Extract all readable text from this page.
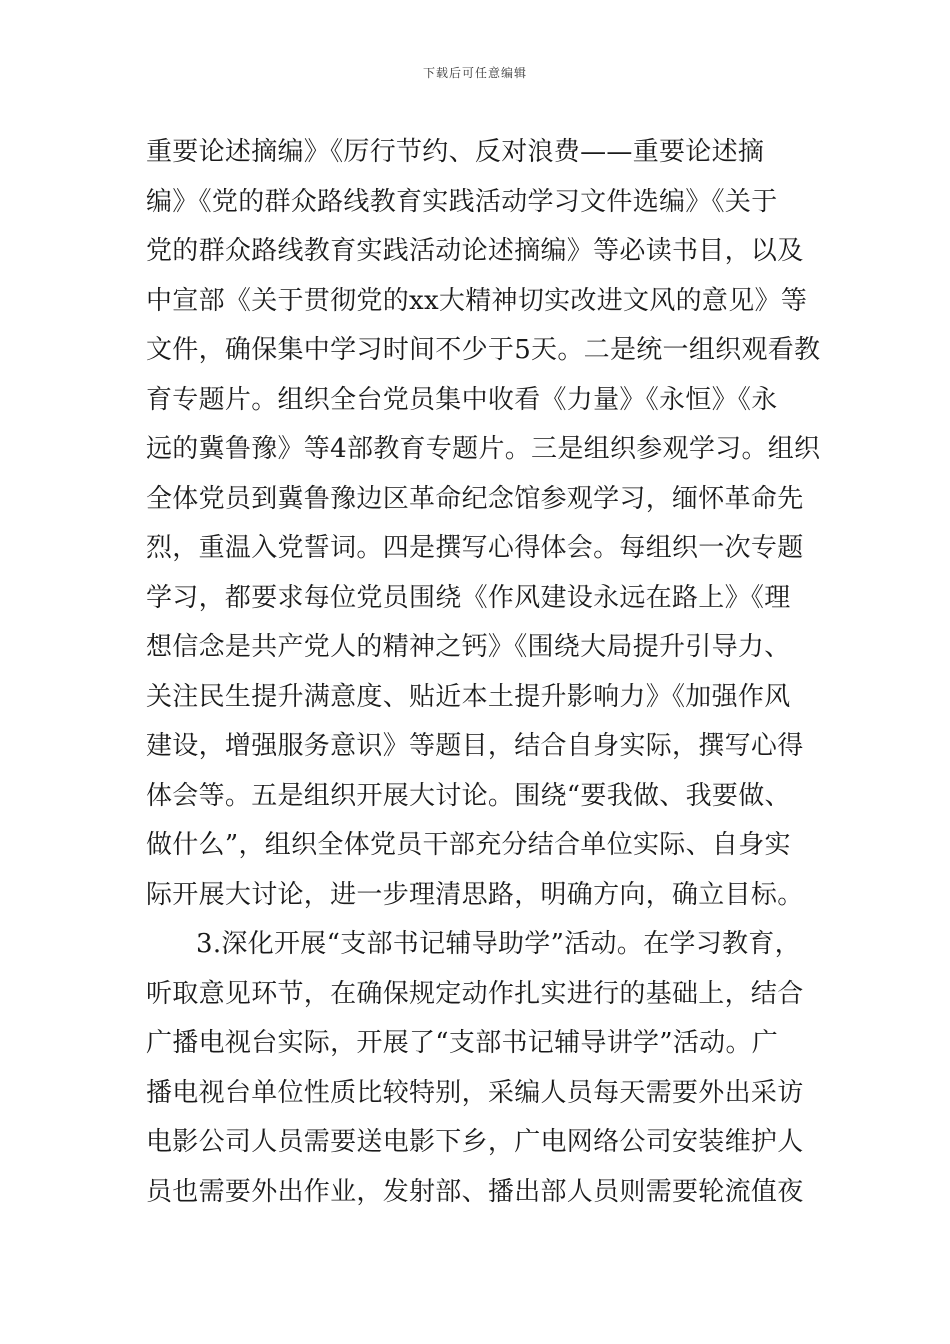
下载后可任意编辑
重要论述摘编》《厉行节约、反对浪费——重要论述摘
编》《党的群众路线教育实践活动学习文件选编》《关于
党的群众路线教育实践活动论述摘编》等必读书目，以及
中宣部《关于贯彻党的xx大精神切实改进文风的意见》等
文件，确保集中学习时间不少于5天。二是统一组织观看教
育专题片。组织全台党员集中收看《力量》《永恒》《永
远的冀鲁豫》等4部教育专题片。三是组织参观学习。组织
全体党员到冀鲁豫边区革命纪念馆参观学习，缅怀革命先
烈，重温入党誓词。四是撰写心得体会。每组织一次专题
学习，都要求每位党员围绕《作风建设永远在路上》《理
想信念是共产党人的精神之钙》《围绕大局提升引导力、
关注民生提升满意度、贴近本土提升影响力》《加强作风
建设，增强服务意识》等题目，结合自身实际，撰写心得
体会等。五是组织开展大讨论。围绕“要我做、我要做、
做什么”，组织全体党员干部充分结合单位实际、自身实
际开展大讨论，进一步理清思路，明确方向，确立目标。
3.深化开展“支部书记辅导助学”活动。在学习教育，
听取意见环节，在确保规定动作扎实进行的基础上，结合
广播电视台实际，开展了“支部书记辅导讲学”活动。广
播电视台单位性质比较特别，采编人员每天需要外出采访
电影公司人员需要送电影下乡，广电网络公司安装维护人
员也需要外出作业，发射部、播出部人员则需要轮流值夜
